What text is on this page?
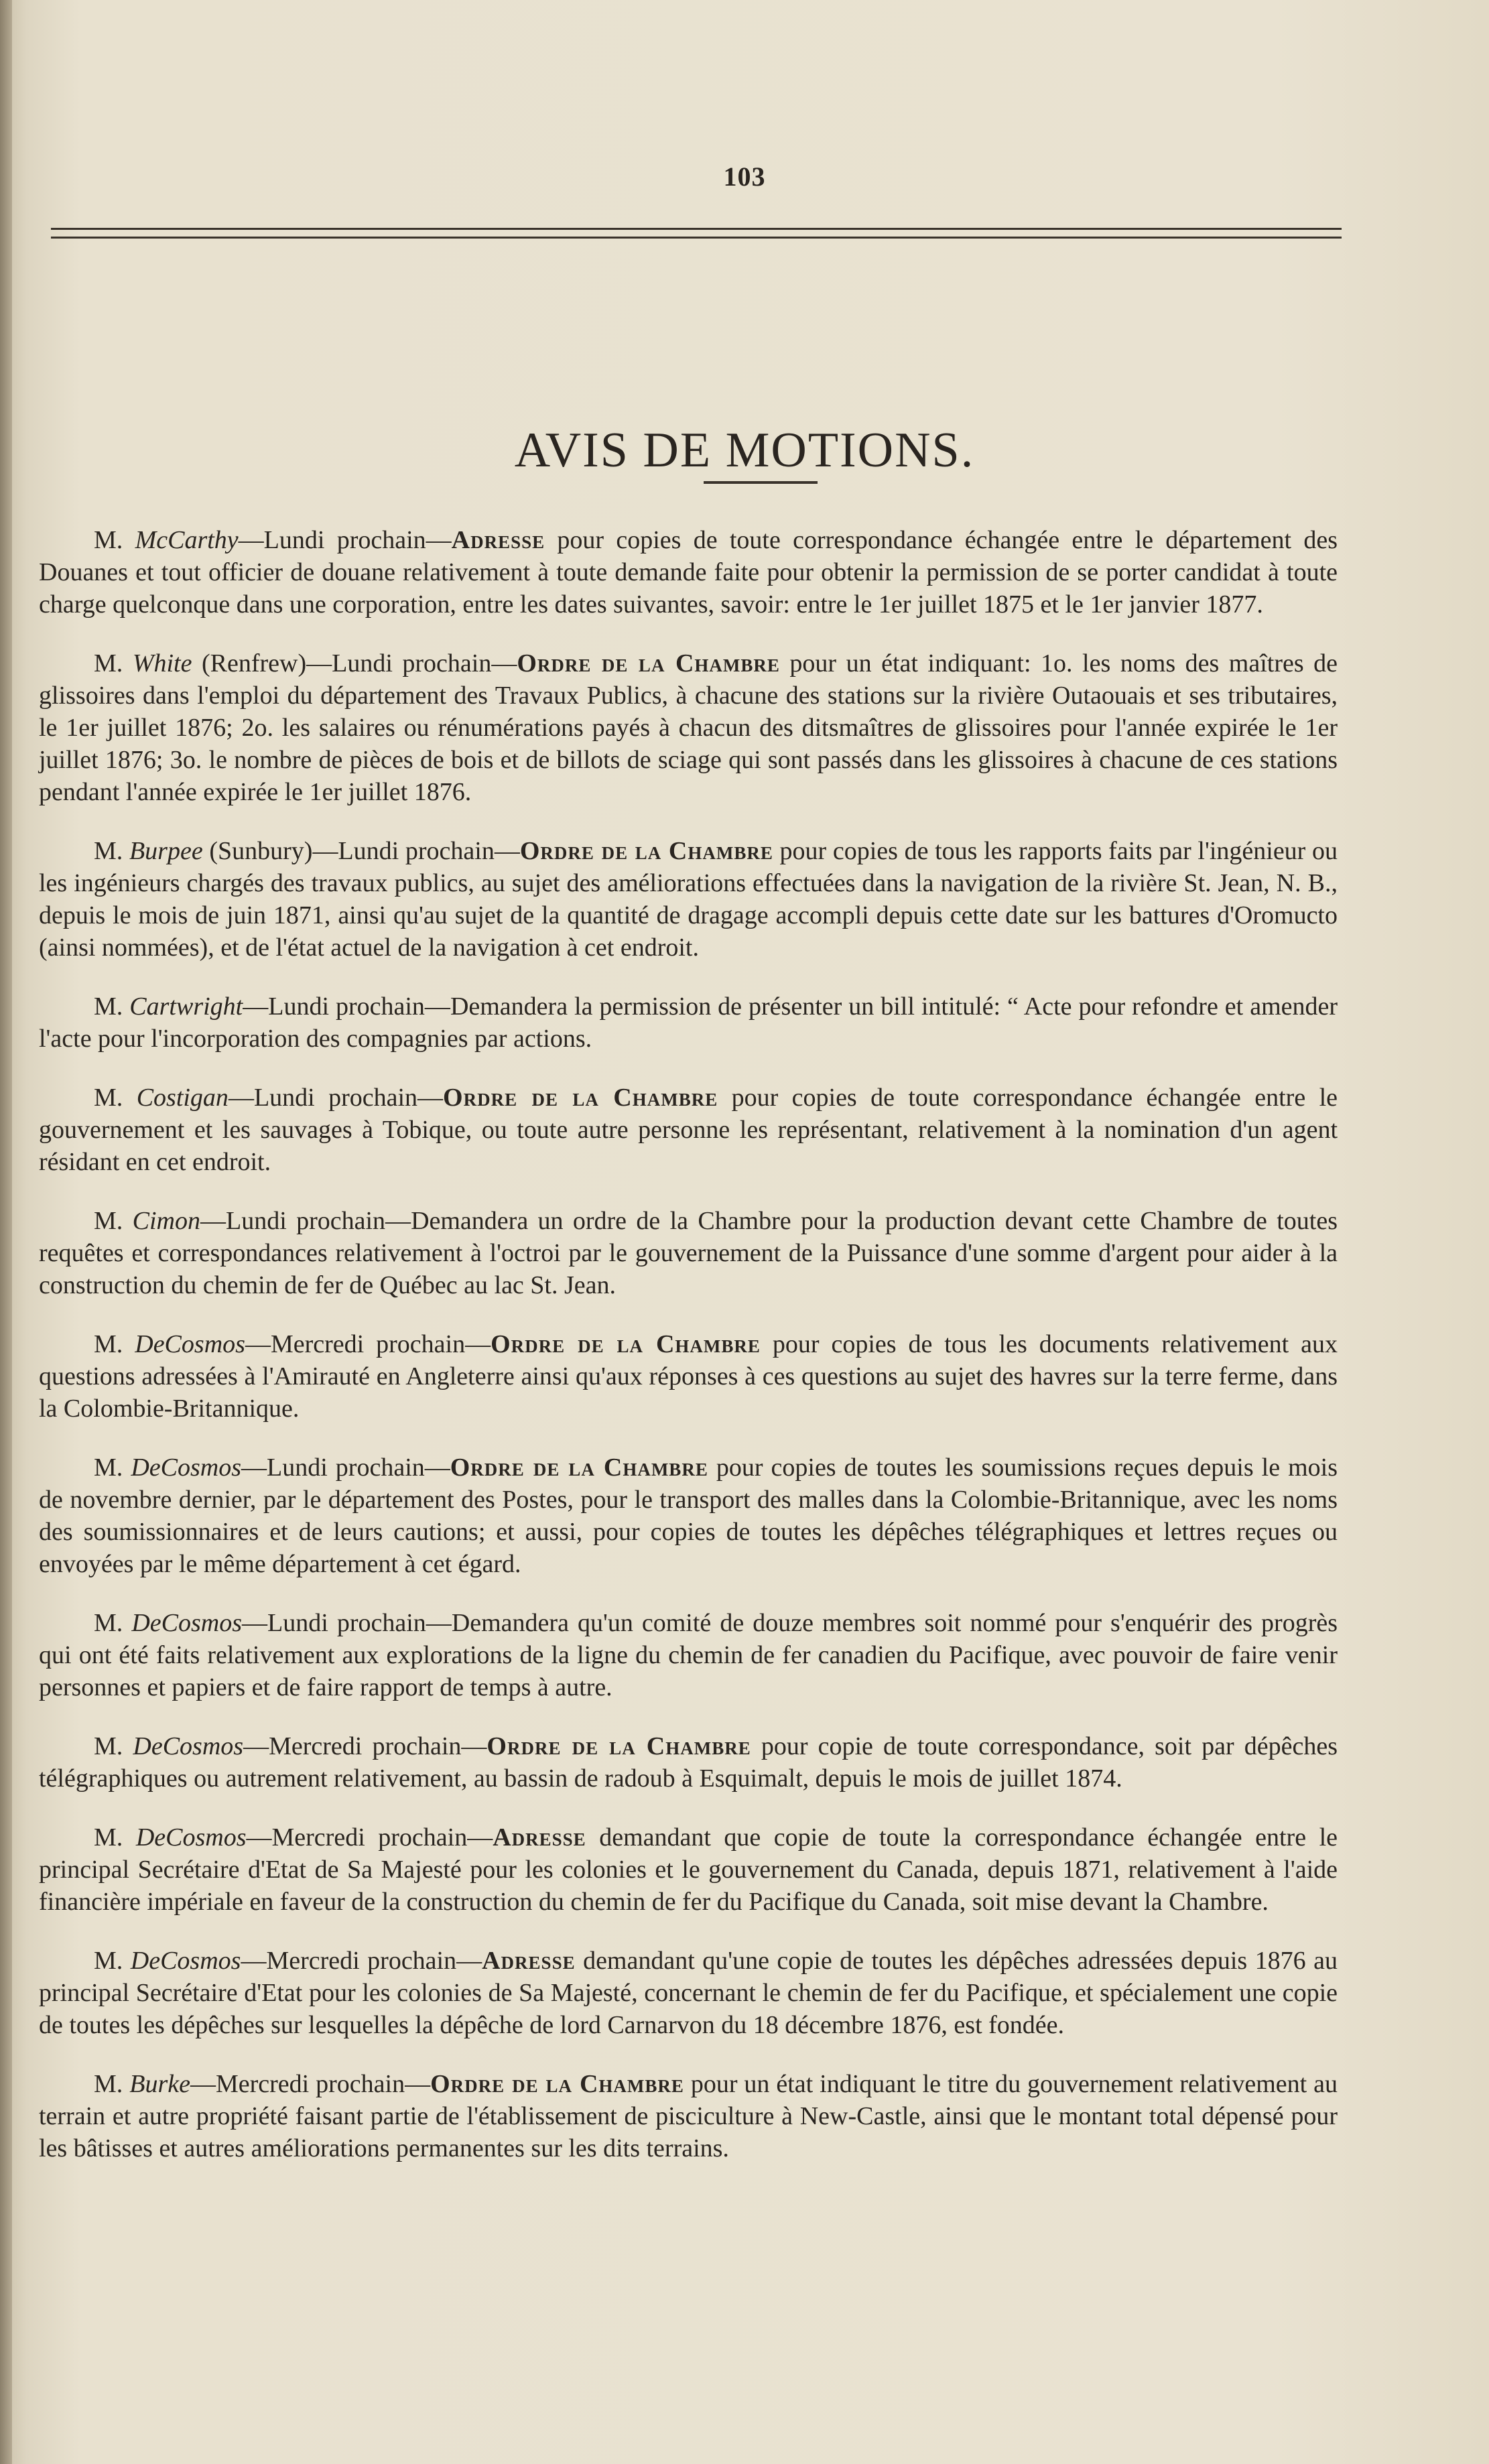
103
AVIS DE MOTIONS.

M. McCarthy—Lundi prochain—Adresse pour copies de toute correspondance échangée entre le département des Douanes et tout officier de douane relativement à toute demande faite pour obtenir la permission de se porter candidat à toute charge quelconque dans une corporation, entre les dates suivantes, savoir: entre le 1er juillet 1875 et le 1er janvier 1877.

M. White (Renfrew)—Lundi prochain—Ordre de la Chambre pour un état indiquant: 1o. les noms des maîtres de glissoires dans l'emploi du département des Travaux Publics, à chacune des stations sur la rivière Outaouais et ses tributaires, le 1er juillet 1876; 2o. les salaires ou rénumérations payés à chacun des ditsmaîtres de glissoires pour l'année expirée le 1er juillet 1876; 3o. le nombre de pièces de bois et de billots de sciage qui sont passés dans les glissoires à chacune de ces stations pendant l'année expirée le 1er juillet 1876.

M. Burpee (Sunbury)—Lundi prochain—Ordre de la Chambre pour copies de tous les rapports faits par l'ingénieur ou les ingénieurs chargés des travaux publics, au sujet des améliorations effectuées dans la navigation de la rivière St. Jean, N. B., depuis le mois de juin 1871, ainsi qu'au sujet de la quantité de dragage accompli depuis cette date sur les battures d'Oromucto (ainsi nommées), et de l'état actuel de la navigation à cet endroit.

M. Cartwright—Lundi prochain—Demandera la permission de présenter un bill intitulé: “ Acte pour refondre et amender l'acte pour l'incorporation des compagnies par actions.

M. Costigan—Lundi prochain—Ordre de la Chambre pour copies de toute correspondance échangée entre le gouvernement et les sauvages à Tobique, ou toute autre personne les représentant, relativement à la nomination d'un agent résidant en cet endroit.

M. Cimon—Lundi prochain—Demandera un ordre de la Chambre pour la production devant cette Chambre de toutes requêtes et correspondances relativement à l'octroi par le gouvernement de la Puissance d'une somme d'argent pour aider à la construction du chemin de fer de Québec au lac St. Jean.

M. DeCosmos—Mercredi prochain—Ordre de la Chambre pour copies de tous les documents relativement aux questions adressées à l'Amirauté en Angleterre ainsi qu'aux réponses à ces questions au sujet des havres sur la terre ferme, dans la Colombie-Britannique.

M. DeCosmos—Lundi prochain—Ordre de la Chambre pour copies de toutes les soumissions reçues depuis le mois de novembre dernier, par le département des Postes, pour le transport des malles dans la Colombie-Britannique, avec les noms des soumissionnaires et de leurs cautions; et aussi, pour copies de toutes les dépêches télégraphiques et lettres reçues ou envoyées par le même département à cet égard.

M. DeCosmos—Lundi prochain—Demandera qu'un comité de douze membres soit nommé pour s'enquérir des progrès qui ont été faits relativement aux explorations de la ligne du chemin de fer canadien du Pacifique, avec pouvoir de faire venir personnes et papiers et de faire rapport de temps à autre.

M. DeCosmos—Mercredi prochain—Ordre de la Chambre pour copie de toute correspondance, soit par dépêches télégraphiques ou autrement relativement, au bassin de radoub à Esquimalt, depuis le mois de juillet 1874.

M. DeCosmos—Mercredi prochain—Adresse demandant que copie de toute la correspondance échangée entre le principal Secrétaire d'Etat de Sa Majesté pour les colonies et le gouvernement du Canada, depuis 1871, relativement à l'aide financière impériale en faveur de la construction du chemin de fer du Pacifique du Canada, soit mise devant la Chambre.

M. DeCosmos—Mercredi prochain—Adresse demandant qu'une copie de toutes les dépêches adressées depuis 1876 au principal Secrétaire d'Etat pour les colonies de Sa Majesté, concernant le chemin de fer du Pacifique, et spécialement une copie de toutes les dépêches sur lesquelles la dépêche de lord Carnarvon du 18 décembre 1876, est fondée.

M. Burke—Mercredi prochain—Ordre de la Chambre pour un état indiquant le titre du gouvernement relativement au terrain et autre propriété faisant partie de l'établissement de pisciculture à New-Castle, ainsi que le montant total dépensé pour les bâtisses et autres améliorations permanentes sur les dits terrains.
